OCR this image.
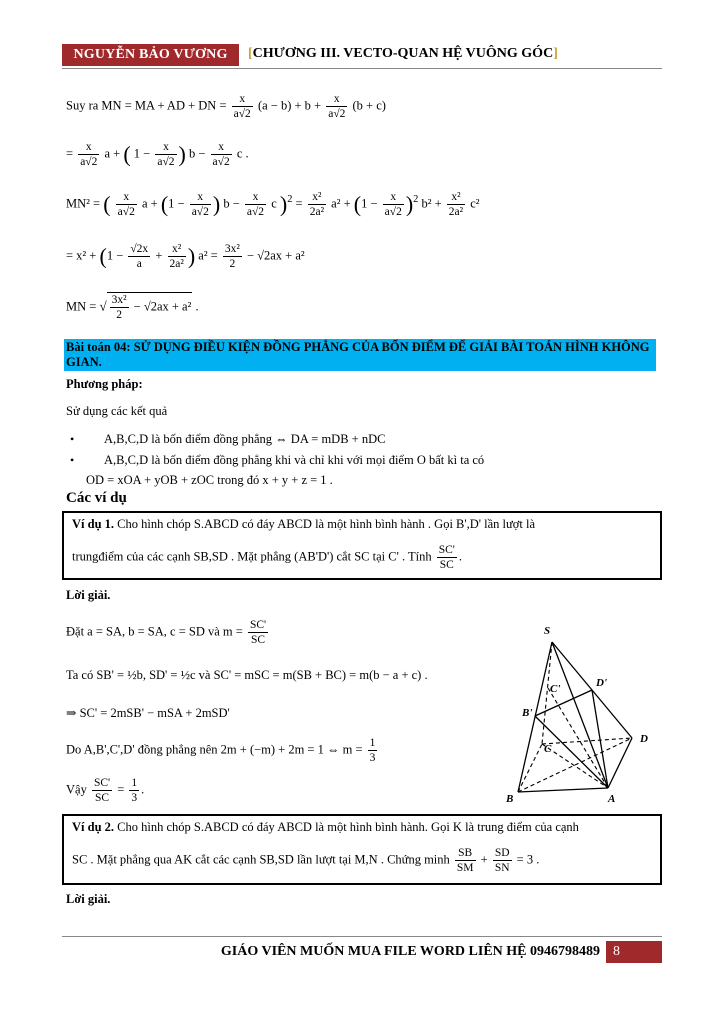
NGUYỄN BẢO VƯƠNG	[CHƯƠNG III. VECTO-QUAN HỆ VUÔNG GÓC]
Suy ra MN = MA + AD + DN = $\frac{x}{a√2} (a - b) + b + \frac{x}{a√2} (b + c)$
= $\frac{x}{a√2}$ a + ( $1 - \frac{x}{a√2}$ ) $b - \frac{x}{a√2}$ c .
MN² = ( $\frac{x}{a√2}$ $a + (1 - \frac{x}{a√2}$ ) $b - \frac{x}{a√2}$ c )$^2 = \frac{\text{x²}}{\text{2a²}} a^2 + (1 - \frac{x}{a√2} )^2$ $b^2 + \frac{\text{x²}}{\text{2a²}} c^2$
= $x^2 + (1 - \frac{√2x}{a} + \frac{\text{x²}}{\text{2a²}}$ ) $a^2 = \frac{\text{3x²}}{2} - √2ax + a^2$
MN = √ $\frac{\text{3x²}}{2} - √2ax + a^2$ .
Bài toán 04: SỬ DỤNG ĐIỀU KIỆN ĐỒNG PHẲNG CỦA BỐN ĐIỂM ĐỂ GIẢI BÀI TOÁN HÌNH KHÔNG GIAN.
Phương pháp:
Sử dụng các kết quả
• A,B,C,D là bốn điểm đồng phẳng ⇔ DA = mDB + nDC
• A,B,C,D là bốn điểm đồng phẳng khi và chỉ khi với mọi điểm O bất kì ta có
OD = xOA + yOB + zOC trong đó x + y + z = 1 .
Các ví dụ
Ví dụ 1. Cho hình chóp S.ABCD có đáy ABCD là một hình bình hành . Gọi B',D' lần lượt là
trungđiểm của các cạnh SB,SD . Mặt phẳng (AB'D') cắt SC tại C' . Tính $\frac{SC'}{SC}$ .
Lời giải.
Đặt a = SA, b = SA, c = SD và $m = \frac{SC'}{SC}$
Ta có SB' = ½b, SD' = ½c và SC' = mSC = m(SB + BC) = m(b − a + c) .
⇒ SC' = 2mSB' − mSA + 2mSD'
Do A,B',C',D' đồng phẳng nên 2m + (−m) + 2m = 1 ⇔ $m = \frac{1}{3}$
Vậy $\frac{SC'}{SC} = \frac{1}{3}$ .
S
C'	D'
B'
C
D
B	A
Ví dụ 2. Cho hình chóp S.ABCD có đáy ABCD là một hình bình hành. Gọi K là trung điểm của cạnh
SC . Mặt phẳng qua AK cắt các cạnh SB,SD lần lượt tại M,N . Chứng minh $\frac{SB}{SM} + \frac{SD}{SN} = 3$ .
Lời giải.
GIÁO VIÊN MUỐN MUA FILE WORD LIÊN HỆ 0946798489 8
